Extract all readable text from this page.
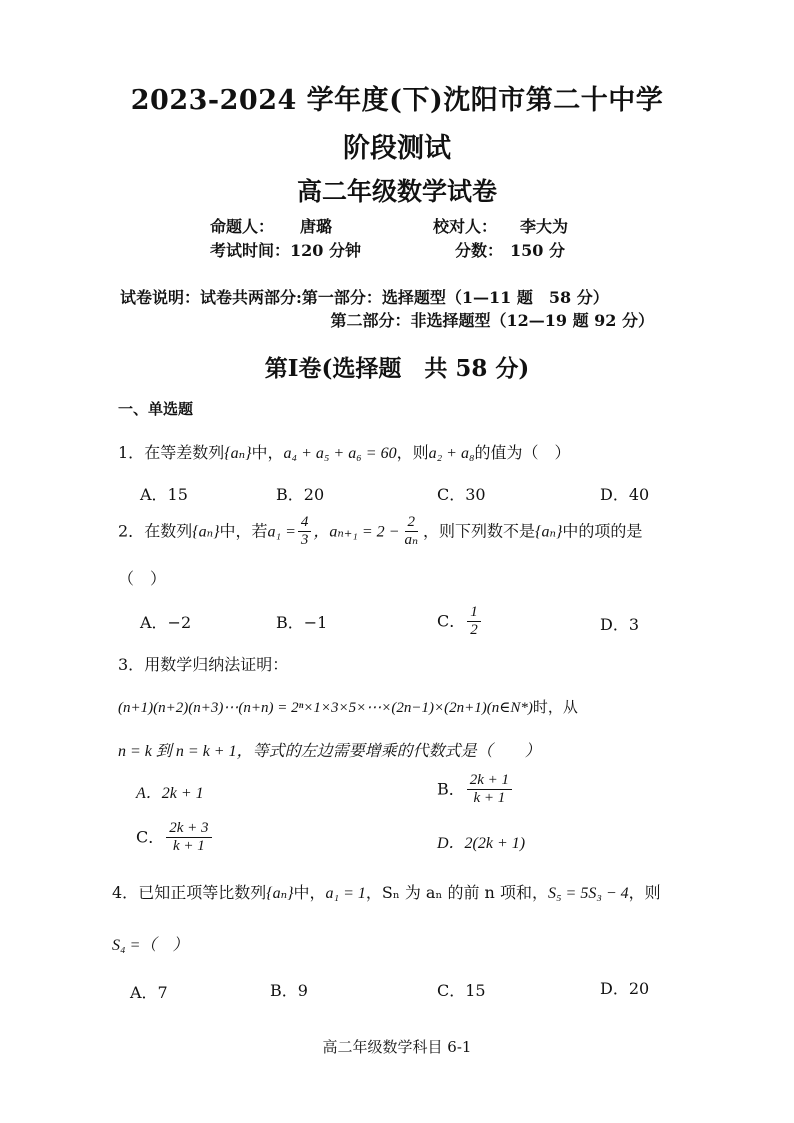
2023-2024 学年度(下)沈阳市第二十中学
阶段测试
高二年级数学试卷
命题人： 唐璐	校对人： 李大为
考试时间： 120 分钟	分数： 150 分
试卷说明：试卷共两部分:第一部分：选择题型（1—11 题　58 分）
第二部分：非选择题型（12—19 题 92 分）
第Ⅰ卷(选择题　共 58 分)
一、单选题
1．在等差数列{aₙ}中，a₄ + a₅ + a₆ = 60，则a₂ + a₈的值为（　）
A．15	B．20	C．30	D．40
2．在数列{aₙ}中，若$a_1 = \frac{4}{3}$ ，$a_{n+1} = 2 - \frac{2}{\text{aₙ}}$ ，则下列数不是{aₙ}中的项的是
（　）
A．−2	B．−1	C． $\frac{1}{2}$	D．3
3．用数学归纳法证明：
(n+1)(n+2)(n+3)⋯(n+n) = 2ⁿ×1×3×5×⋯×(2n−1)×(2n+1)(n∈N*)时，从
n = k 到 n = k + 1，等式的左边需要增乘的代数式是（　　）
A．2k + 1	B． $\frac{2k + 1}{k + 1}$
C． $\frac{2k + 3}{k + 1}$	D．2(2k + 1)
4．已知正项等比数列{aₙ}中，a₁ = 1，Sₙ 为 aₙ 的前 n 项和，S₅ = 5S₃ − 4，则
S₄ =（　）
A．7	B．9	C．15	D．20
高二年级数学科目 6-1
